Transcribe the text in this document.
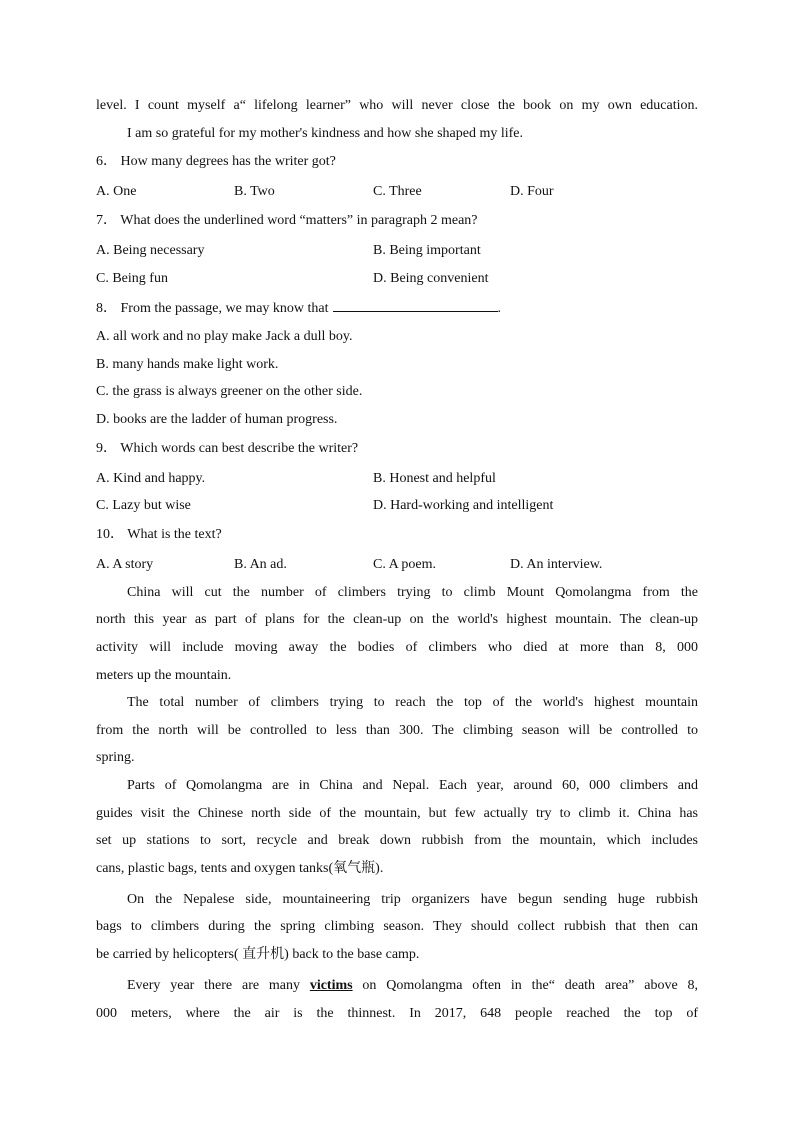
level. I count myself a“ lifelong learner” who will never close the book on my own education.
I am so grateful for my mother's kindness and how she shaped my life.
6． How many degrees has the writer got?
A. One	B. Two	C. Three	D. Four
7． What does the underlined word “matters” in paragraph 2 mean?
A. Being necessary	B. Being important
C. Being fun	D. Being convenient
8． From the passage, we may know that	.
A. all work and no play make Jack a dull boy.
B. many hands make light work.
C. the grass is always greener on the other side.
D. books are the ladder of human progress.
9． Which words can best describe the writer?
A. Kind and happy.	B. Honest and helpful
C. Lazy but wise	D. Hard-working and intelligent
10． What is the text?
A. A story	B. An ad.	C. A poem.	D. An interview.
China will cut the number of climbers trying to climb Mount Qomolangma from the
north this year as part of plans for the clean-up on the world's highest mountain. The clean-up
activity will include moving away the bodies of climbers who died at more than 8, 000
meters up the mountain.
The total number of climbers trying to reach the top of the world's highest mountain
from the north will be controlled to less than 300. The climbing season will be controlled to
spring.
Parts of Qomolangma are in China and Nepal. Each year, around 60, 000 climbers and
guides visit the Chinese north side of the mountain, but few actually try to climb it. China has
set up stations to sort, recycle and break down rubbish from the mountain, which includes
cans, plastic bags, tents and oxygen tanks(氧气瓶).
On the Nepalese side, mountaineering trip organizers have begun sending huge rubbish
bags to climbers during the spring climbing season. They should collect rubbish that then can
be carried by helicopters( 直升机) back to the base camp.
Every year there are many victims on Qomolangma often in the“ death area” above 8,
000 meters, where the air is the thinnest. In 2017, 648 people reached the top of
